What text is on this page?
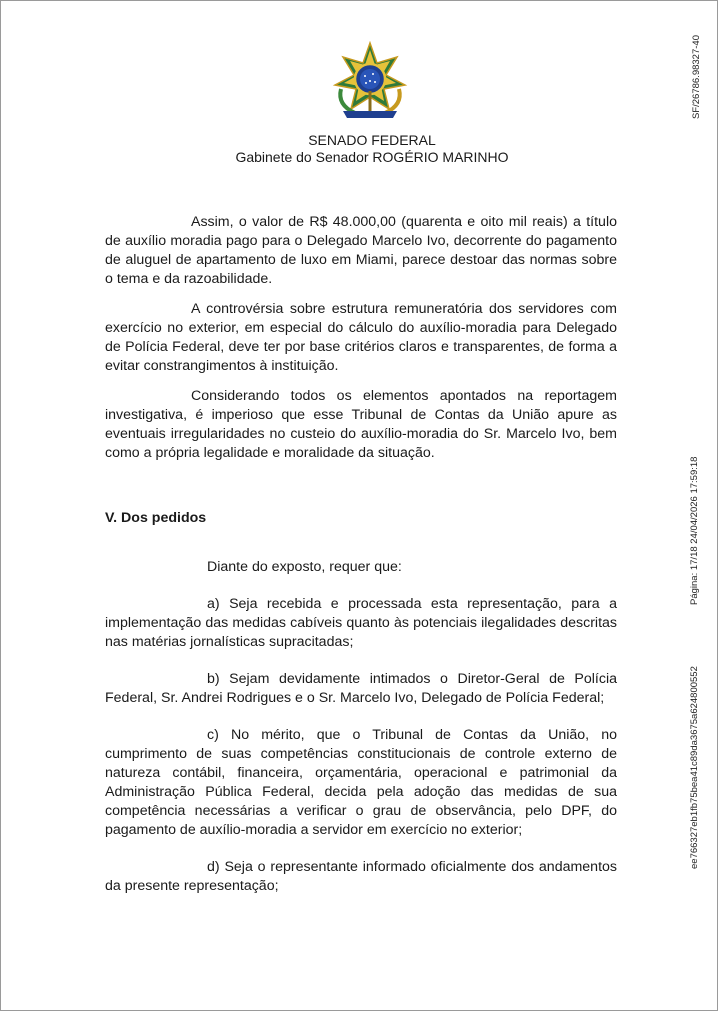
SENADO FEDERAL
Gabinete do Senador ROGÉRIO MARINHO

Assim, o valor de R$ 48.000,00 (quarenta e oito mil reais) a título de auxílio moradia pago para o Delegado Marcelo Ivo, decorrente do pagamento de aluguel de apartamento de luxo em Miami, parece destoar das normas sobre o tema e da razoabilidade.

A controvérsia sobre estrutura remuneratória dos servidores com exercício no exterior, em especial do cálculo do auxílio-moradia para Delegado de Polícia Federal, deve ter por base critérios claros e transparentes, de forma a evitar constrangimentos à instituição.

Considerando todos os elementos apontados na reportagem investigativa, é imperioso que esse Tribunal de Contas da União apure as eventuais irregularidades no custeio do auxílio-moradia do Sr. Marcelo Ivo, bem como a própria legalidade e moralidade da situação.

V. Dos pedidos

Diante do exposto, requer que:

a) Seja recebida e processada esta representação, para a implementação das medidas cabíveis quanto às potenciais ilegalidades descritas nas matérias jornalísticas supracitadas;

b) Sejam devidamente intimados o Diretor-Geral de Polícia Federal, Sr. Andrei Rodrigues e o Sr. Marcelo Ivo, Delegado de Polícia Federal;

c) No mérito, que o Tribunal de Contas da União, no cumprimento de suas competências constitucionais de controle externo de natureza contábil, financeira, orçamentária, operacional e patrimonial da Administração Pública Federal, decida pela adoção das medidas de sua competência necessárias a verificar o grau de observância, pelo DPF, do pagamento de auxílio-moradia a servidor em exercício no exterior;

d) Seja o representante informado oficialmente dos andamentos da presente representação;

SF/26786.98327-40
Página: 17/18 24/04/2026 17:59:18
ee766327eb1fb75bea41c89da3675a624800552
